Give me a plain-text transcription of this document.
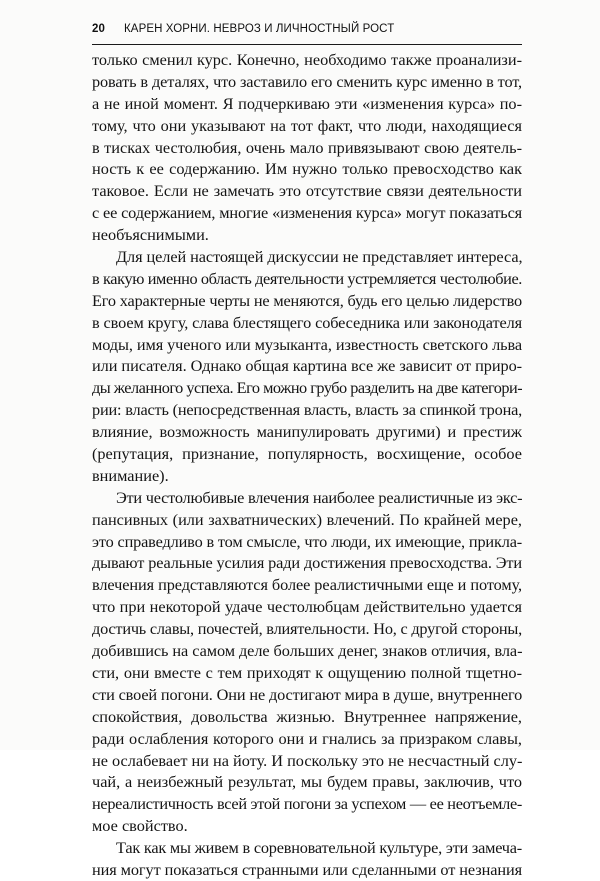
20 КАРЕН ХОРНИ. НЕВРОЗ И ЛИЧНОСТНЫЙ РОСТ
только сменил курс. Конечно, необходимо также проанализи-
ровать в деталях, что заставило его сменить курс именно в тот,
а не иной момент. Я подчеркиваю эти «изменения курса» по-
тому, что они указывают на тот факт, что люди, находящиеся
в тисках честолюбия, очень мало привязывают свою деятель-
ность к ее содержанию. Им нужно только превосходство как
таковое. Если не замечать это отсутствие связи деятельности
с ее содержанием, многие «изменения курса» могут показаться
необъяснимыми.
Для целей настоящей дискуссии не представляет интереса,
в какую именно область деятельности устремляется честолюбие.
Его характерные черты не меняются, будь его целью лидерство
в своем кругу, слава блестящего собеседника или законодателя
моды, имя ученого или музыканта, известность светского льва
или писателя. Однако общая картина все же зависит от приро-
ды желанного успеха. Его можно грубо разделить на две категори-
рии: власть (непосредственная власть, власть за спинкой трона,
влияние, возможность манипулировать другими) и престиж
(репутация, признание, популярность, восхищение, особое
внимание).
Эти честолюбивые влечения наиболее реалистичные из экс-
пансивных (или захватнических) влечений. По крайней мере,
это справедливо в том смысле, что люди, их имеющие, прикла-
дывают реальные усилия ради достижения превосходства. Эти
влечения представляются более реалистичными еще и потому,
что при некоторой удаче честолюбцам действительно удается
достичь славы, почестей, влиятельности. Но, с другой стороны,
добившись на самом деле больших денег, знаков отличия, вла-
сти, они вместе с тем приходят к ощущению полной тщетно-
сти своей погони. Они не достигают мира в душе, внутреннего
спокойствия, довольства жизнью. Внутреннее напряжение,
ради ослабления которого они и гнались за призраком славы,
не ослабевает ни на йоту. И поскольку это не несчастный слу-
чай, а неизбежный результат, мы будем правы, заключив, что
нереалистичность всей этой погони за успехом — ее неотъемле-
мое свойство.
Так как мы живем в соревновательной культуре, эти замеча-
ния могут показаться странными или сделанными от незнания
